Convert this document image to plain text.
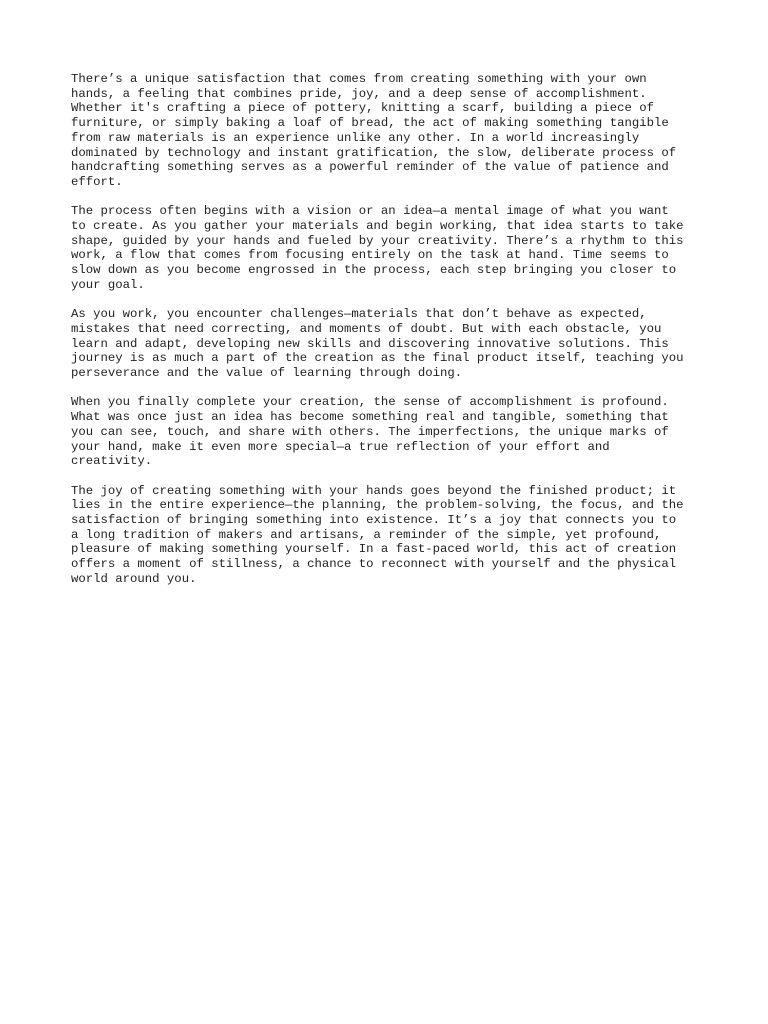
There’s a unique satisfaction that comes from creating something with your own
hands, a feeling that combines pride, joy, and a deep sense of accomplishment.
Whether it's crafting a piece of pottery, knitting a scarf, building a piece of
furniture, or simply baking a loaf of bread, the act of making something tangible
from raw materials is an experience unlike any other. In a world increasingly
dominated by technology and instant gratification, the slow, deliberate process of
handcrafting something serves as a powerful reminder of the value of patience and
effort.

The process often begins with a vision or an idea—a mental image of what you want
to create. As you gather your materials and begin working, that idea starts to take
shape, guided by your hands and fueled by your creativity. There’s a rhythm to this
work, a flow that comes from focusing entirely on the task at hand. Time seems to
slow down as you become engrossed in the process, each step bringing you closer to
your goal.

As you work, you encounter challenges—materials that don’t behave as expected,
mistakes that need correcting, and moments of doubt. But with each obstacle, you
learn and adapt, developing new skills and discovering innovative solutions. This
journey is as much a part of the creation as the final product itself, teaching you
perseverance and the value of learning through doing.

When you finally complete your creation, the sense of accomplishment is profound.
What was once just an idea has become something real and tangible, something that
you can see, touch, and share with others. The imperfections, the unique marks of
your hand, make it even more special—a true reflection of your effort and
creativity.

The joy of creating something with your hands goes beyond the finished product; it
lies in the entire experience—the planning, the problem-solving, the focus, and the
satisfaction of bringing something into existence. It’s a joy that connects you to
a long tradition of makers and artisans, a reminder of the simple, yet profound,
pleasure of making something yourself. In a fast-paced world, this act of creation
offers a moment of stillness, a chance to reconnect with yourself and the physical
world around you.
